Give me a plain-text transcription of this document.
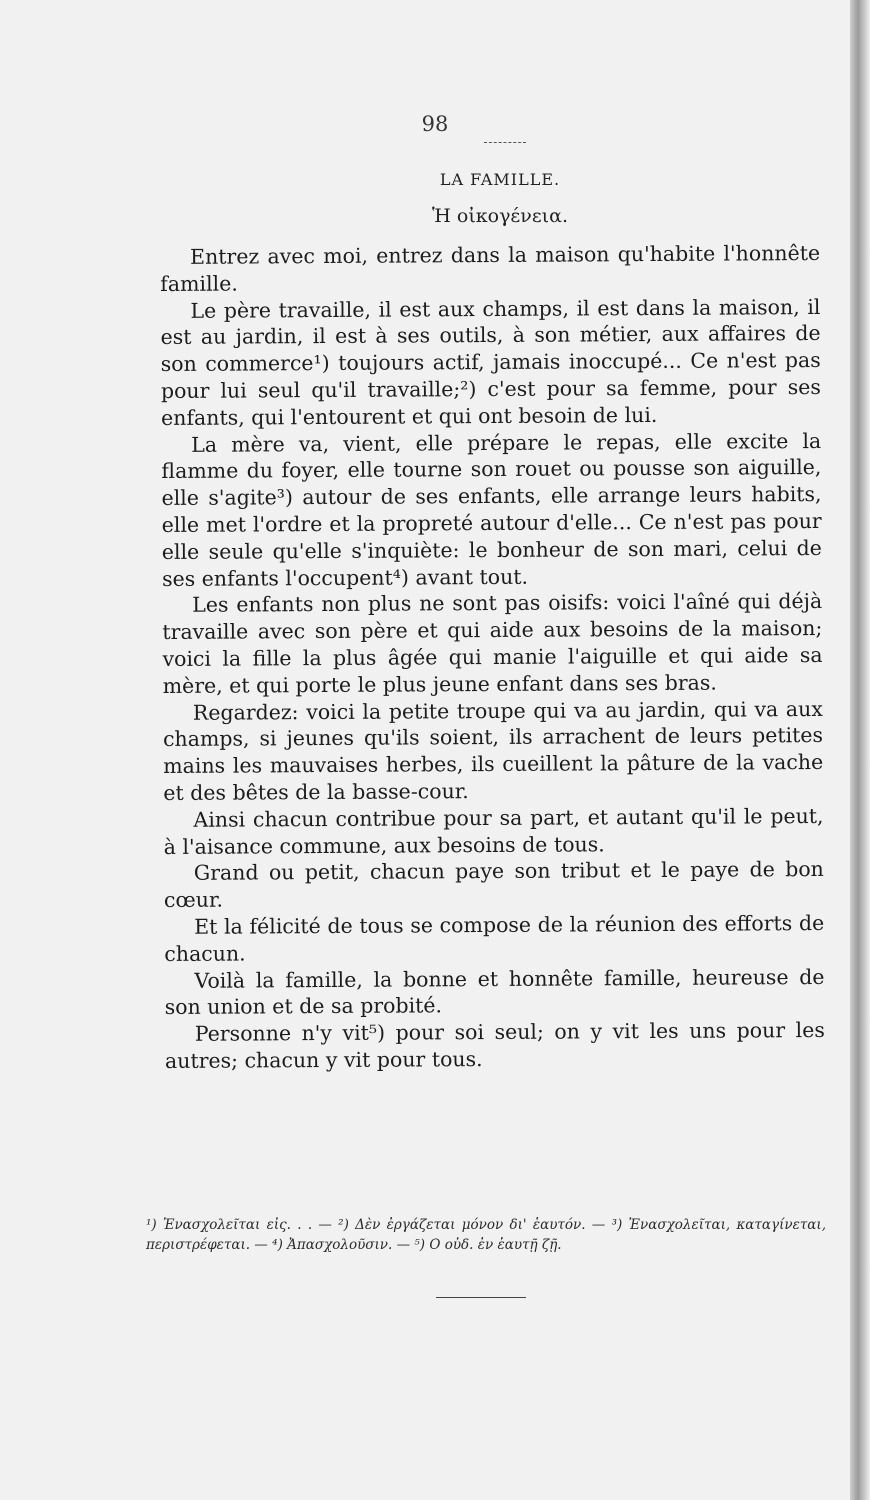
98
LA FAMILLE.
Ἡ οἰκογένεια.

Entrez avec moi, entrez dans la maison qu'habite l'honnête famille.

Le père travaille, il est aux champs, il est dans la maison, il est au jardin, il est à ses outils, à son métier, aux affaires de son commerce¹) toujours actif, jamais inoccupé... Ce n'est pas pour lui seul qu'il travaille;²) c'est pour sa femme, pour ses enfants, qui l'entourent et qui ont besoin de lui.

La mère va, vient, elle prépare le repas, elle excite la flamme du foyer, elle tourne son rouet ou pousse son aiguille, elle s'agite³) autour de ses enfants, elle arrange leurs habits, elle met l'ordre et la propreté autour d'elle... Ce n'est pas pour elle seule qu'elle s'inquiète: le bonheur de son mari, celui de ses enfants l'occupent⁴) avant tout.

Les enfants non plus ne sont pas oisifs: voici l'aîné qui déjà travaille avec son père et qui aide aux besoins de la maison; voici la fille la plus âgée qui manie l'aiguille et qui aide sa mère, et qui porte le plus jeune enfant dans ses bras.

Regardez: voici la petite troupe qui va au jardin, qui va aux champs, si jeunes qu'ils soient, ils arrachent de leurs petites mains les mauvaises herbes, ils cueillent la pâture de la vache et des bêtes de la basse-cour.

Ainsi chacun contribue pour sa part, et autant qu'il le peut, à l'aisance commune, aux besoins de tous.

Grand ou petit, chacun paye son tribut et le paye de bon cœur.

Et la félicité de tous se compose de la réunion des efforts de chacun.

Voilà la famille, la bonne et honnête famille, heureuse de son union et de sa probité.

Personne n'y vit⁵) pour soi seul; on y vit les uns pour les autres; chacun y vit pour tous.

¹) Ἐνασχολεῖται εἰς. . . — ²) Δὲν ἐργάζεται μόνον δι' ἑαυτόν. — ³) Ἐνασχολεῖται, καταγίνεται, περιστρέφεται. — ⁴) Ἀπασχολοῦσιν. — ⁵) Ο οὐδ. ἐν ἑαυτῇ ζῇ.
